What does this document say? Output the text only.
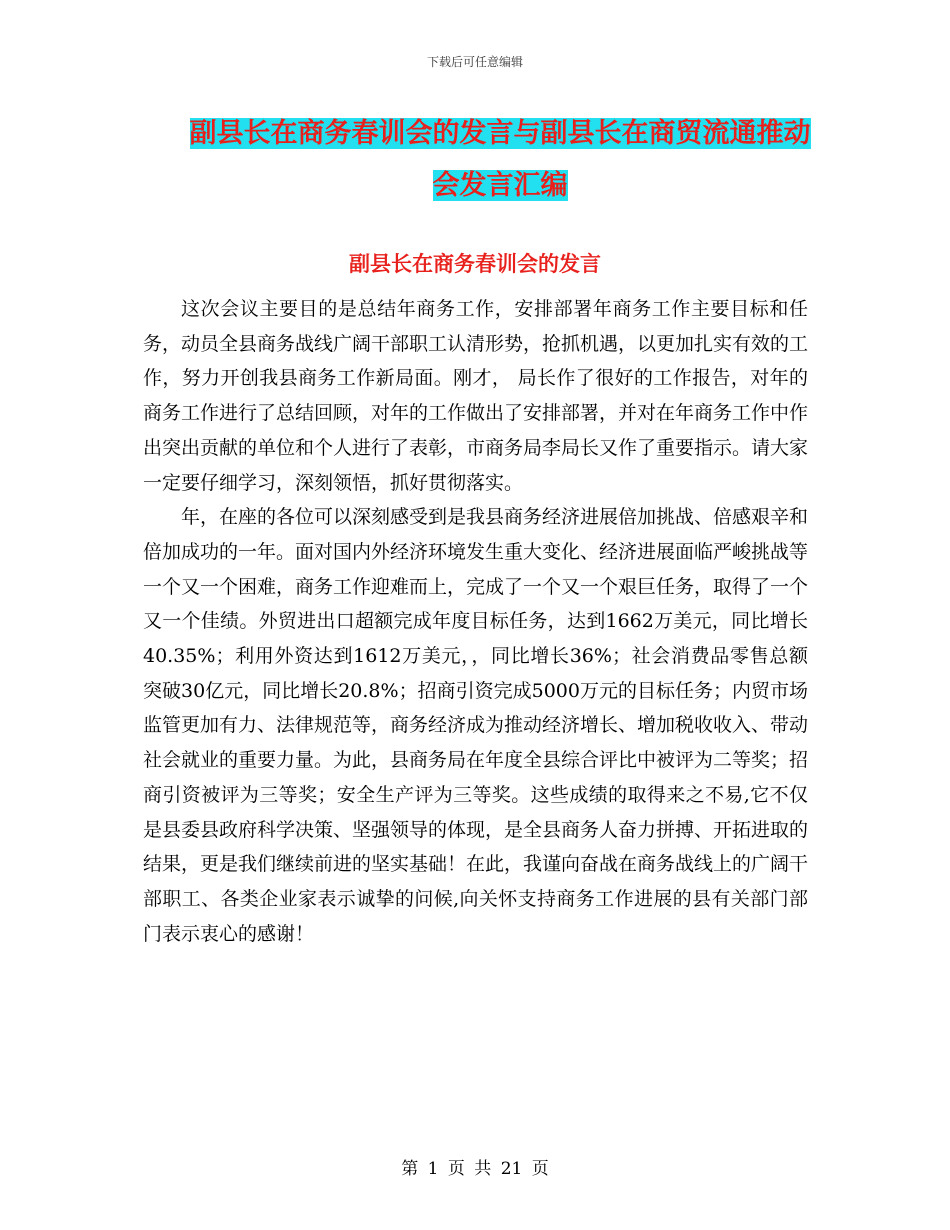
下载后可任意编辑
副县长在商务春训会的发言与副县长在商贸流通推动
会发言汇编
副县长在商务春训会的发言

这次会议主要目的是总结年商务工作，安排部署年商务工作主要目标和任务，动员全县商务战线广阔干部职工认清形势，抢抓机遇，以更加扎实有效的工作，努力开创我县商务工作新局面。刚才， 局长作了很好的工作报告，对年的商务工作进行了总结回顾，对年的工作做出了安排部署，并对在年商务工作中作出突出贡献的单位和个人进行了表彰，市商务局李局长又作了重要指示。请大家一定要仔细学习，深刻领悟，抓好贯彻落实。

年，在座的各位可以深刻感受到是我县商务经济进展倍加挑战、倍感艰辛和倍加成功的一年。面对国内外经济环境发生重大变化、经济进展面临严峻挑战等一个又一个困难，商务工作迎难而上，完成了一个又一个艰巨任务，取得了一个又一个佳绩。外贸进出口超额完成年度目标任务，达到1662万美元，同比增长40.35%；利用外资达到1612万美元，，同比增长36%；社会消费品零售总额突破30亿元，同比增长20.8%；招商引资完成5000万元的目标任务；内贸市场监管更加有力、法律规范等，商务经济成为推动经济增长、增加税收收入、带动社会就业的重要力量。为此，县商务局在年度全县综合评比中被评为二等奖；招商引资被评为三等奖；安全生产评为三等奖。这些成绩的取得来之不易,它不仅是县委县政府科学决策、坚强领导的体现，是全县商务人奋力拼搏、开拓进取的结果，更是我们继续前进的坚实基础！在此，我谨向奋战在商务战线上的广阔干部职工、各类企业家表示诚挚的问候,向关怀支持商务工作进展的县有关部门部门表示衷心的感谢！

第 1 页 共 21 页
